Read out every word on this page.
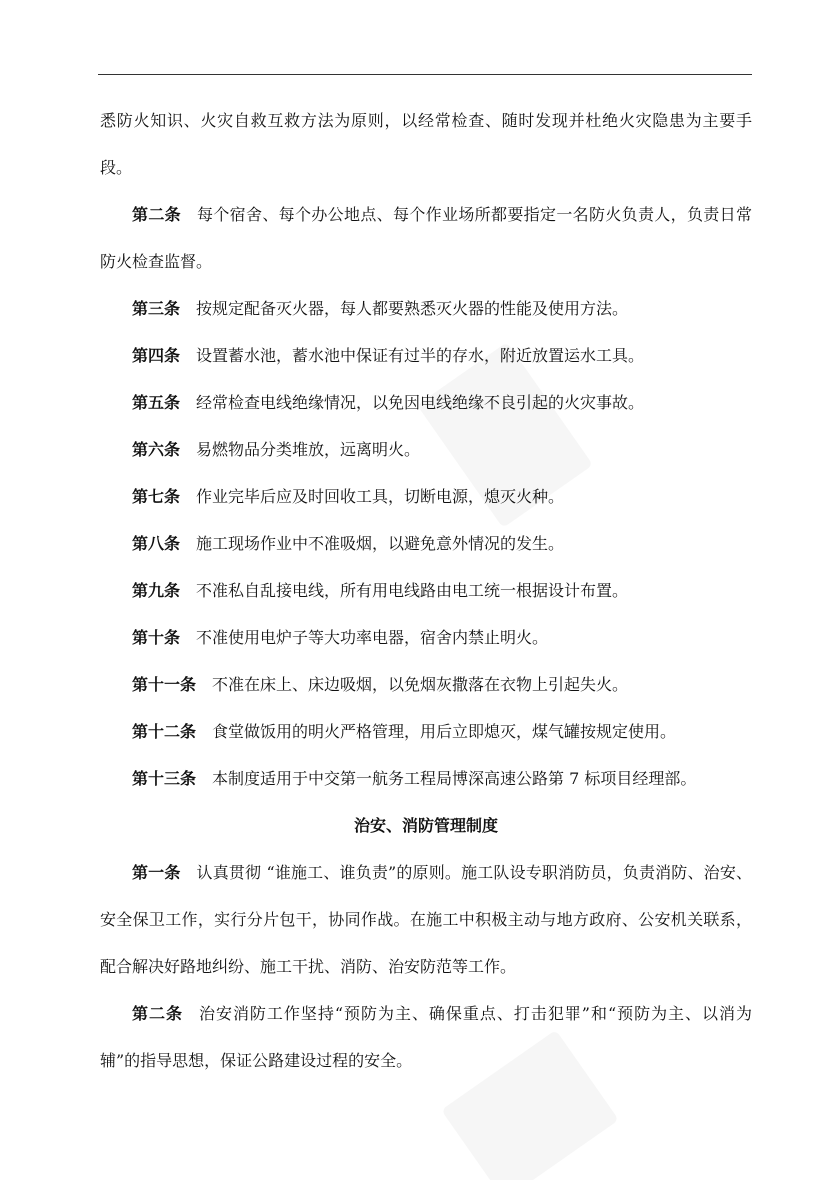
悉防火知识、火灾自救互救方法为原则，以经常检查、随时发现并杜绝火灾隐患为主要手段。

第二条 每个宿舍、每个办公地点、每个作业场所都要指定一名防火负责人，负责日常防火检查监督。

第三条 按规定配备灭火器，每人都要熟悉灭火器的性能及使用方法。

第四条 设置蓄水池，蓄水池中保证有过半的存水，附近放置运水工具。

第五条 经常检查电线绝缘情况，以免因电线绝缘不良引起的火灾事故。

第六条 易燃物品分类堆放，远离明火。

第七条 作业完毕后应及时回收工具，切断电源，熄灭火种。

第八条 施工现场作业中不准吸烟，以避免意外情况的发生。

第九条 不准私自乱接电线，所有用电线路由电工统一根据设计布置。

第十条 不准使用电炉子等大功率电器，宿舍内禁止明火。

第十一条 不准在床上、床边吸烟，以免烟灰撒落在衣物上引起失火。

第十二条 食堂做饭用的明火严格管理，用后立即熄灭，煤气罐按规定使用。

第十三条 本制度适用于中交第一航务工程局博深高速公路第 7 标项目经理部。

治安、消防管理制度

第一条 认真贯彻 “谁施工、谁负责”的原则。施工队设专职消防员，负责消防、治安、安全保卫工作，实行分片包干，协同作战。在施工中积极主动与地方政府、公安机关联系，配合解决好路地纠纷、施工干扰、消防、治安防范等工作。

第二条 治安消防工作坚持“预防为主、确保重点、打击犯罪”和“预防为主、以消为辅”的指导思想，保证公路建设过程的安全。
